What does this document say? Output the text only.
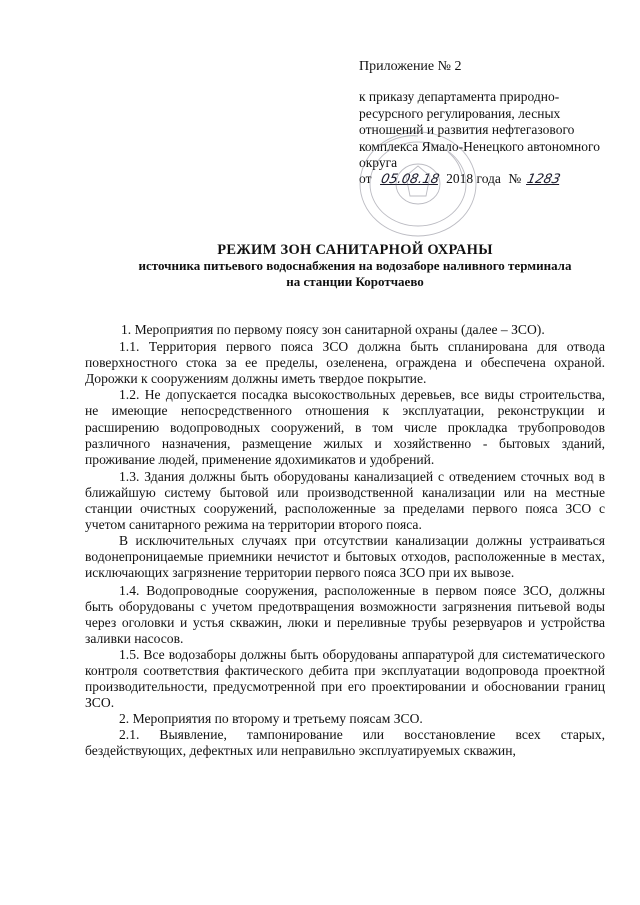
Приложение № 2
к приказу департамента природно-ресурсного регулирования, лесных отношений и развития нефтегазового комплекса Ямало-Ненецкого автономного округа
от 05.08.18 2018 года № 1283
РЕЖИМ ЗОН САНИТАРНОЙ ОХРАНЫ
источника питьевого водоснабжения на водозаборе наливного терминала
на станции Коротчаево

1. Мероприятия по первому поясу зон санитарной охраны (далее – ЗСО).

1.1. Территория первого пояса ЗСО должна быть спланирована для отвода поверхностного стока за ее пределы, озеленена, ограждена и обеспечена охраной. Дорожки к сооружениям должны иметь твердое покрытие.

1.2. Не допускается посадка высокоствольных деревьев, все виды строительства, не имеющие непосредственного отношения к эксплуатации, реконструкции и расширению водопроводных сооружений, в том числе прокладка трубопроводов различного назначения, размещение жилых и хозяйственно - бытовых зданий, проживание людей, применение ядохимикатов и удобрений.

1.3. Здания должны быть оборудованы канализацией с отведением сточных вод в ближайшую систему бытовой или производственной канализации или на местные станции очистных сооружений, расположенные за пределами первого пояса ЗСО с учетом санитарного режима на территории второго пояса.

В исключительных случаях при отсутствии канализации должны устраиваться водонепроницаемые приемники нечистот и бытовых отходов, расположенные в местах, исключающих загрязнение территории первого пояса ЗСО при их вывозе.

1.4. Водопроводные сооружения, расположенные в первом поясе ЗСО, должны быть оборудованы с учетом предотвращения возможности загрязнения питьевой воды через оголовки и устья скважин, люки и переливные трубы резервуаров и устройства заливки насосов.

1.5. Все водозаборы должны быть оборудованы аппаратурой для систематического контроля соответствия фактического дебита при эксплуатации водопровода проектной производительности, предусмотренной при его проектировании и обосновании границ ЗСО.

2. Мероприятия по второму и третьему поясам ЗСО.

2.1. Выявление, тампонирование или восстановление всех старых, бездействующих, дефектных или неправильно эксплуатируемых скважин,
